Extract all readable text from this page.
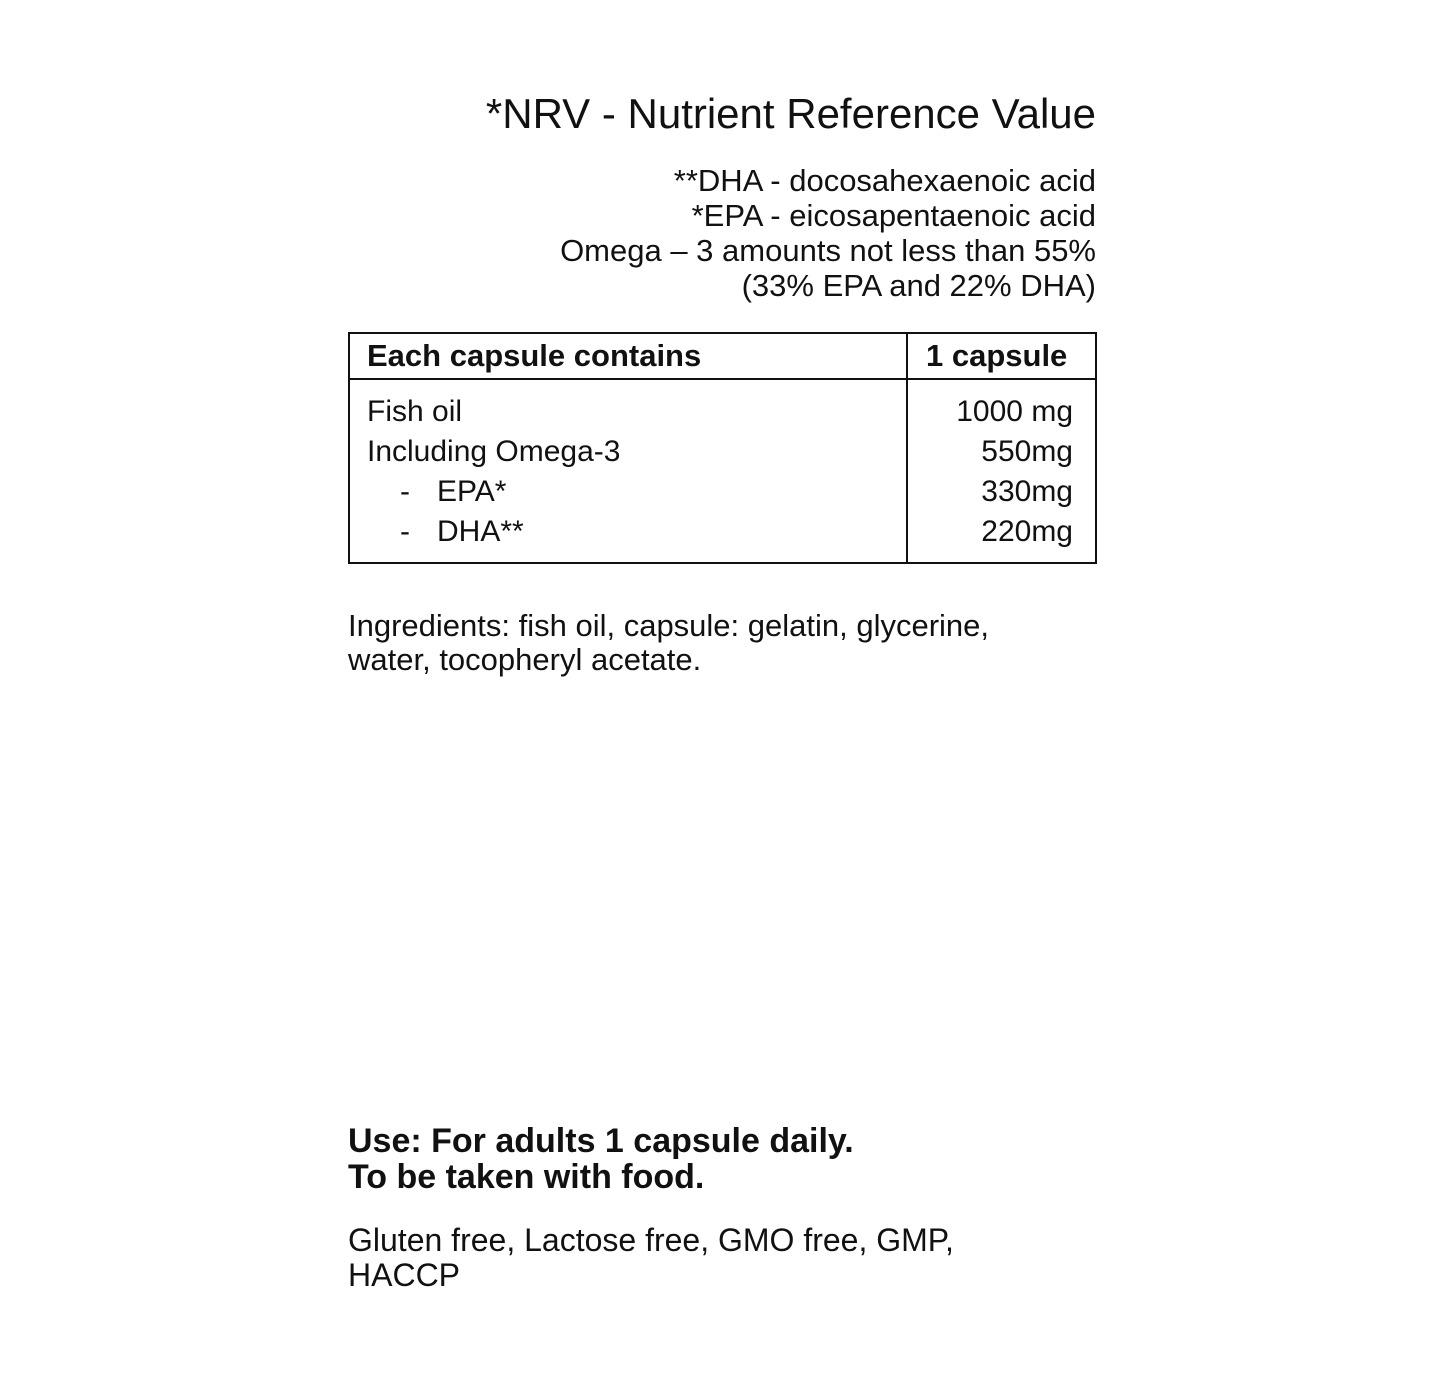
*NRV - Nutrient Reference Value
**DHA - docosahexaenoic acid
*EPA - eicosapentaenoic acid
Omega – 3 amounts not less than 55%
(33% EPA and 22% DHA)
Each capsule contains	1 capsule
Fish oil	1000 mg
Including Omega-3	550mg
- EPA*	330mg
- DHA**	220mg
Ingredients: fish oil, capsule: gelatin, glycerine,
water, tocopheryl acetate.
Use: For adults 1 capsule daily.
To be taken with food.
Gluten free, Lactose free, GMO free, GMP,
HACCP
